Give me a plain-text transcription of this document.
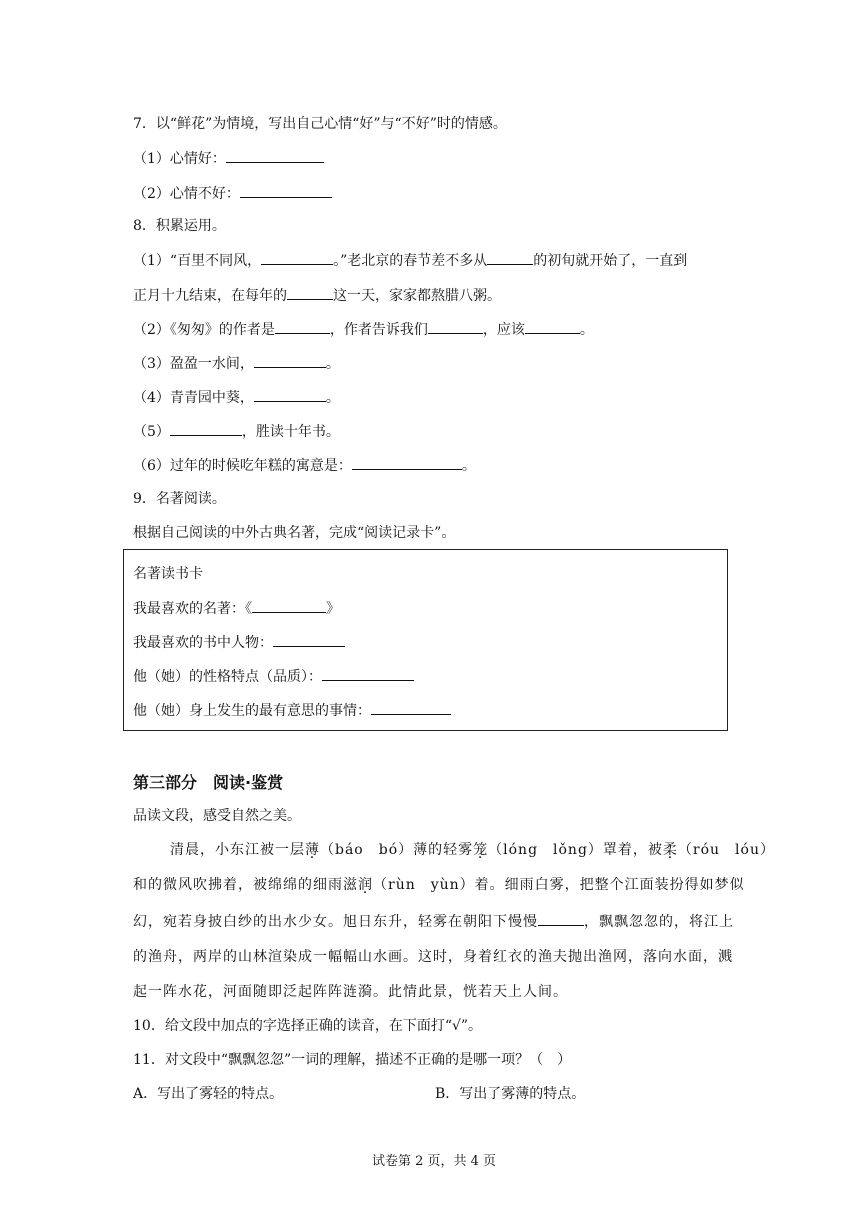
7．以“鲜花”为情境，写出自己心情“好”与“不好”时的情感。
（1）心情好：
（2）心情不好：
8．积累运用。
（1）“百里不同风，	。”老北京的春节差不多从	的初旬就开始了，一直到
正月十九结束，在每年的	这一天，家家都熬腊八粥。
（2）《匆匆》的作者是	，作者告诉我们	，应该	。
（3）盈盈一水间，	。
（4）青青园中葵，	。
（5）	，胜读十年书。
（6）过年的时候吃年糕的寓意是：	。
9．名著阅读。
根据自己阅读的中外古典名著，完成“阅读记录卡”。
名著读书卡
我最喜欢的名著：《	》
我最喜欢的书中人物：
他（她）的性格特点（品质）：
他（她）身上发生的最有意思的事情：
第三部分　阅读·鉴赏
品读文段，感受自然之美。
清晨，小东江被一层薄（báo　bó）薄的轻雾笼（lóng　lǒng）罩着，被柔（róu　lóu）
和的微风吹拂着，被绵绵的细雨滋润（rùn　yùn）着。细雨白雾，把整个江面装扮得如梦似
幻，宛若身披白纱的出水少女。旭日东升，轻雾在朝阳下慢慢	，飘飘忽忽的，将江上
的渔舟，两岸的山林渲染成一幅幅山水画。这时，身着红衣的渔夫抛出渔网，落向水面，溅
起一阵水花，河面随即泛起阵阵涟漪。此情此景，恍若天上人间。
10．给文段中加点的字选择正确的读音，在下面打“√”。
11．对文段中“飘飘忽忽”一词的理解，描述不正确的是哪一项？（　）
A．写出了雾轻的特点。	B．写出了雾薄的特点。
试卷第 2 页，共 4 页
